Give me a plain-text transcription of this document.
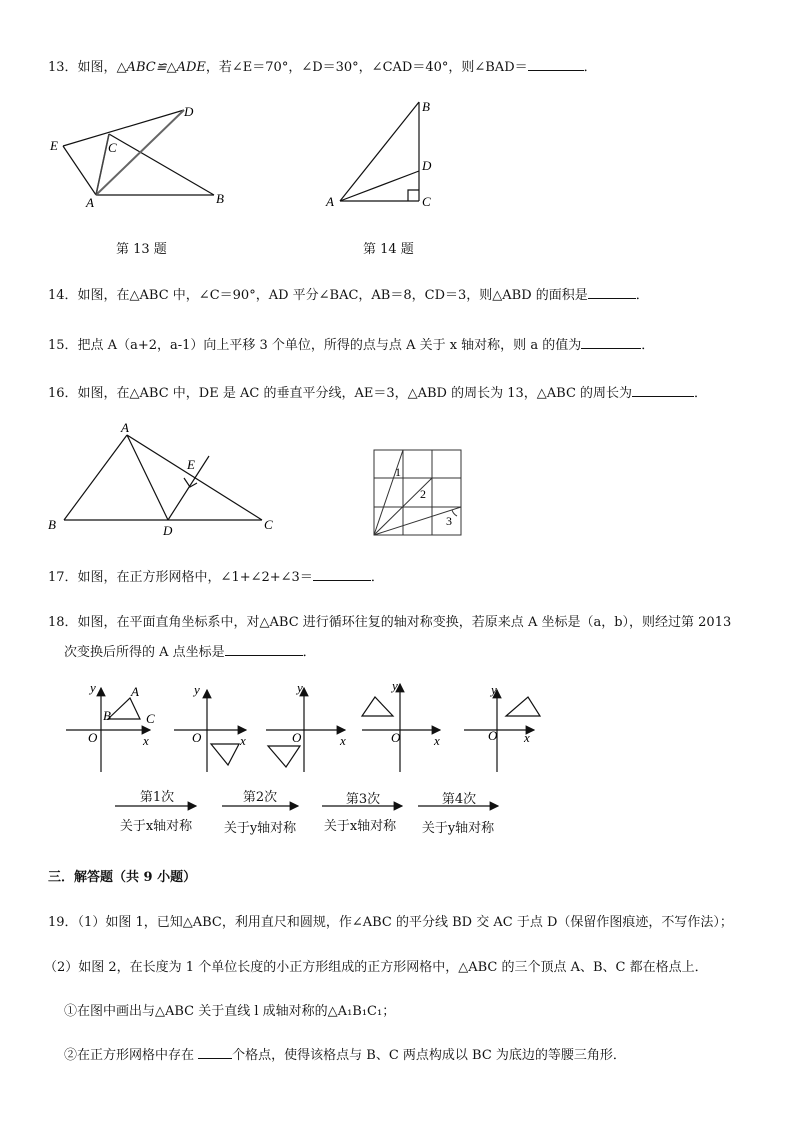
13．如图，△ABC≌△ADE，若∠E＝70°，∠D＝30°，∠CAD＝40°，则∠BAD＝	．
E
D
C
A	B
B
D
A	C
A
E
B	D	C
1
2
3
y
x
O
A
B	C
y
x
O
y
x
O
y
x
O
y
x
O
第 13 题	第 14 题
14．如图，在△ABC 中，∠C＝90°，AD 平分∠BAC，AB＝8，CD＝3，则△ABD 的面积是	．
15．把点 A（a+2，a-1）向上平移 3 个单位，所得的点与点 A 关于 x 轴对称，则 a 的值为	．
16．如图，在△ABC 中，DE 是 AC 的垂直平分线，AE＝3，△ABD 的周长为 13，△ABC 的周长为	．
17．如图，在正方形网格中，∠1+∠2+∠3＝	．
18．如图，在平面直角坐标系中，对△ABC 进行循环往复的轴对称变换，若原来点 A 坐标是（a，b），则经过第 2013
次变换后所得的 A 点坐标是	．
第1次
关于x轴对称
第2次
关于y轴对称
第3次
关于x轴对称
第4次
关于y轴对称
三．解答题（共 9 小题）
19．（1）如图 1，已知△ABC，利用直尺和圆规，作∠ABC 的平分线 BD 交 AC 于点 D（保留作图痕迹，不写作法）；
（2）如图 2，在长度为 1 个单位长度的小正方形组成的正方形网格中，△ABC 的三个顶点 A、B、C 都在格点上．
①在图中画出与△ABC 关于直线 l 成轴对称的△A₁B₁C₁；
②在正方形网格中存在	个格点，使得该格点与 B、C 两点构成以 BC 为底边的等腰三角形．
